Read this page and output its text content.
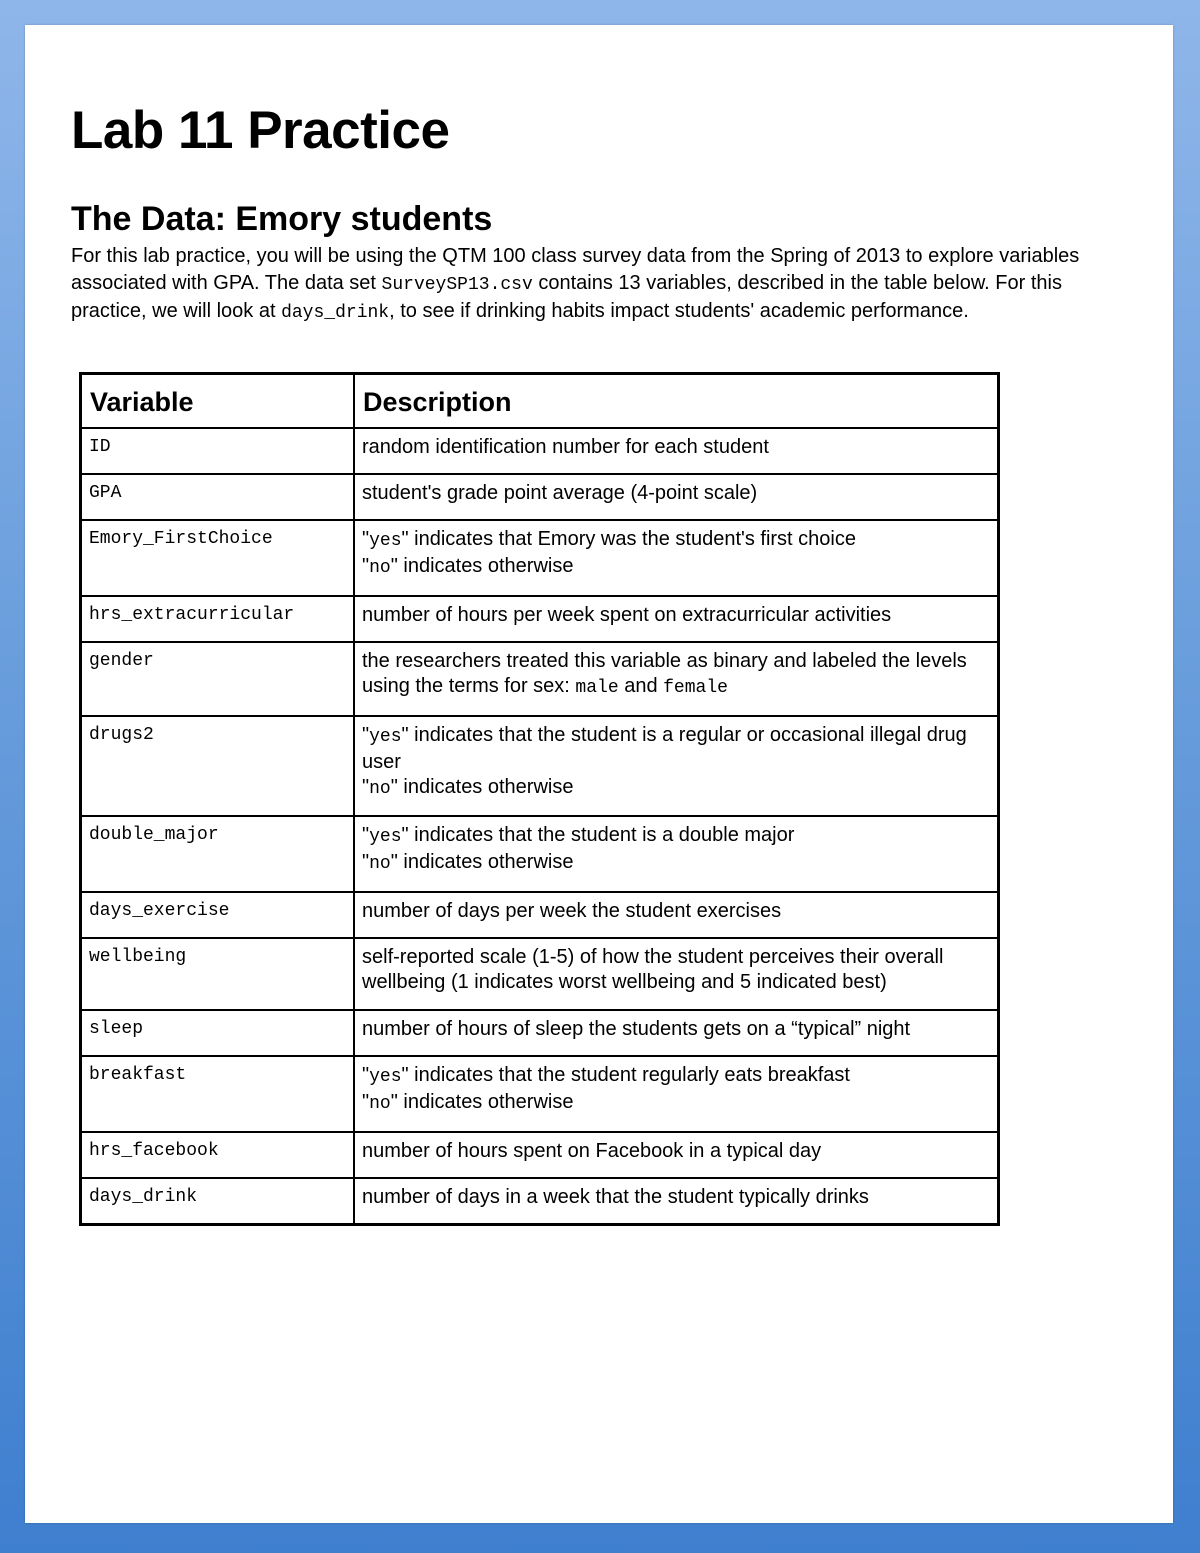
Lab 11 Practice
The Data: Emory students

For this lab practice, you will be using the QTM 100 class survey data from the Spring of 2013 to explore variables associated with GPA. The data set SurveySP13.csv contains 13 variables, described in the table below. For this practice, we will look at days_drink, to see if drinking habits impact students' academic performance.

Variable	Description
ID	random identification number for each student
GPA	student's grade point average (4-point scale)
Emory_FirstChoice	"yes" indicates that Emory was the student's first choice
"no" indicates otherwise

hrs_extracurricular	number of hours per week spent on extracurricular activities
gender	the researchers treated this variable as binary and labeled the levels using the terms for sex: male and female
drugs2	"yes" indicates that the student is a regular or occasional illegal drug user
"no" indicates otherwise

double_major	"yes" indicates that the student is a double major
"no" indicates otherwise

days_exercise	number of days per week the student exercises
wellbeing	self-reported scale (1-5) of how the student perceives their overall wellbeing (1 indicates worst wellbeing and 5 indicated best)
sleep	number of hours of sleep the students gets on a “typical” night
breakfast	"yes" indicates that the student regularly eats breakfast
"no" indicates otherwise

hrs_facebook	number of hours spent on Facebook in a typical day
days_drink	number of days in a week that the student typically drinks
